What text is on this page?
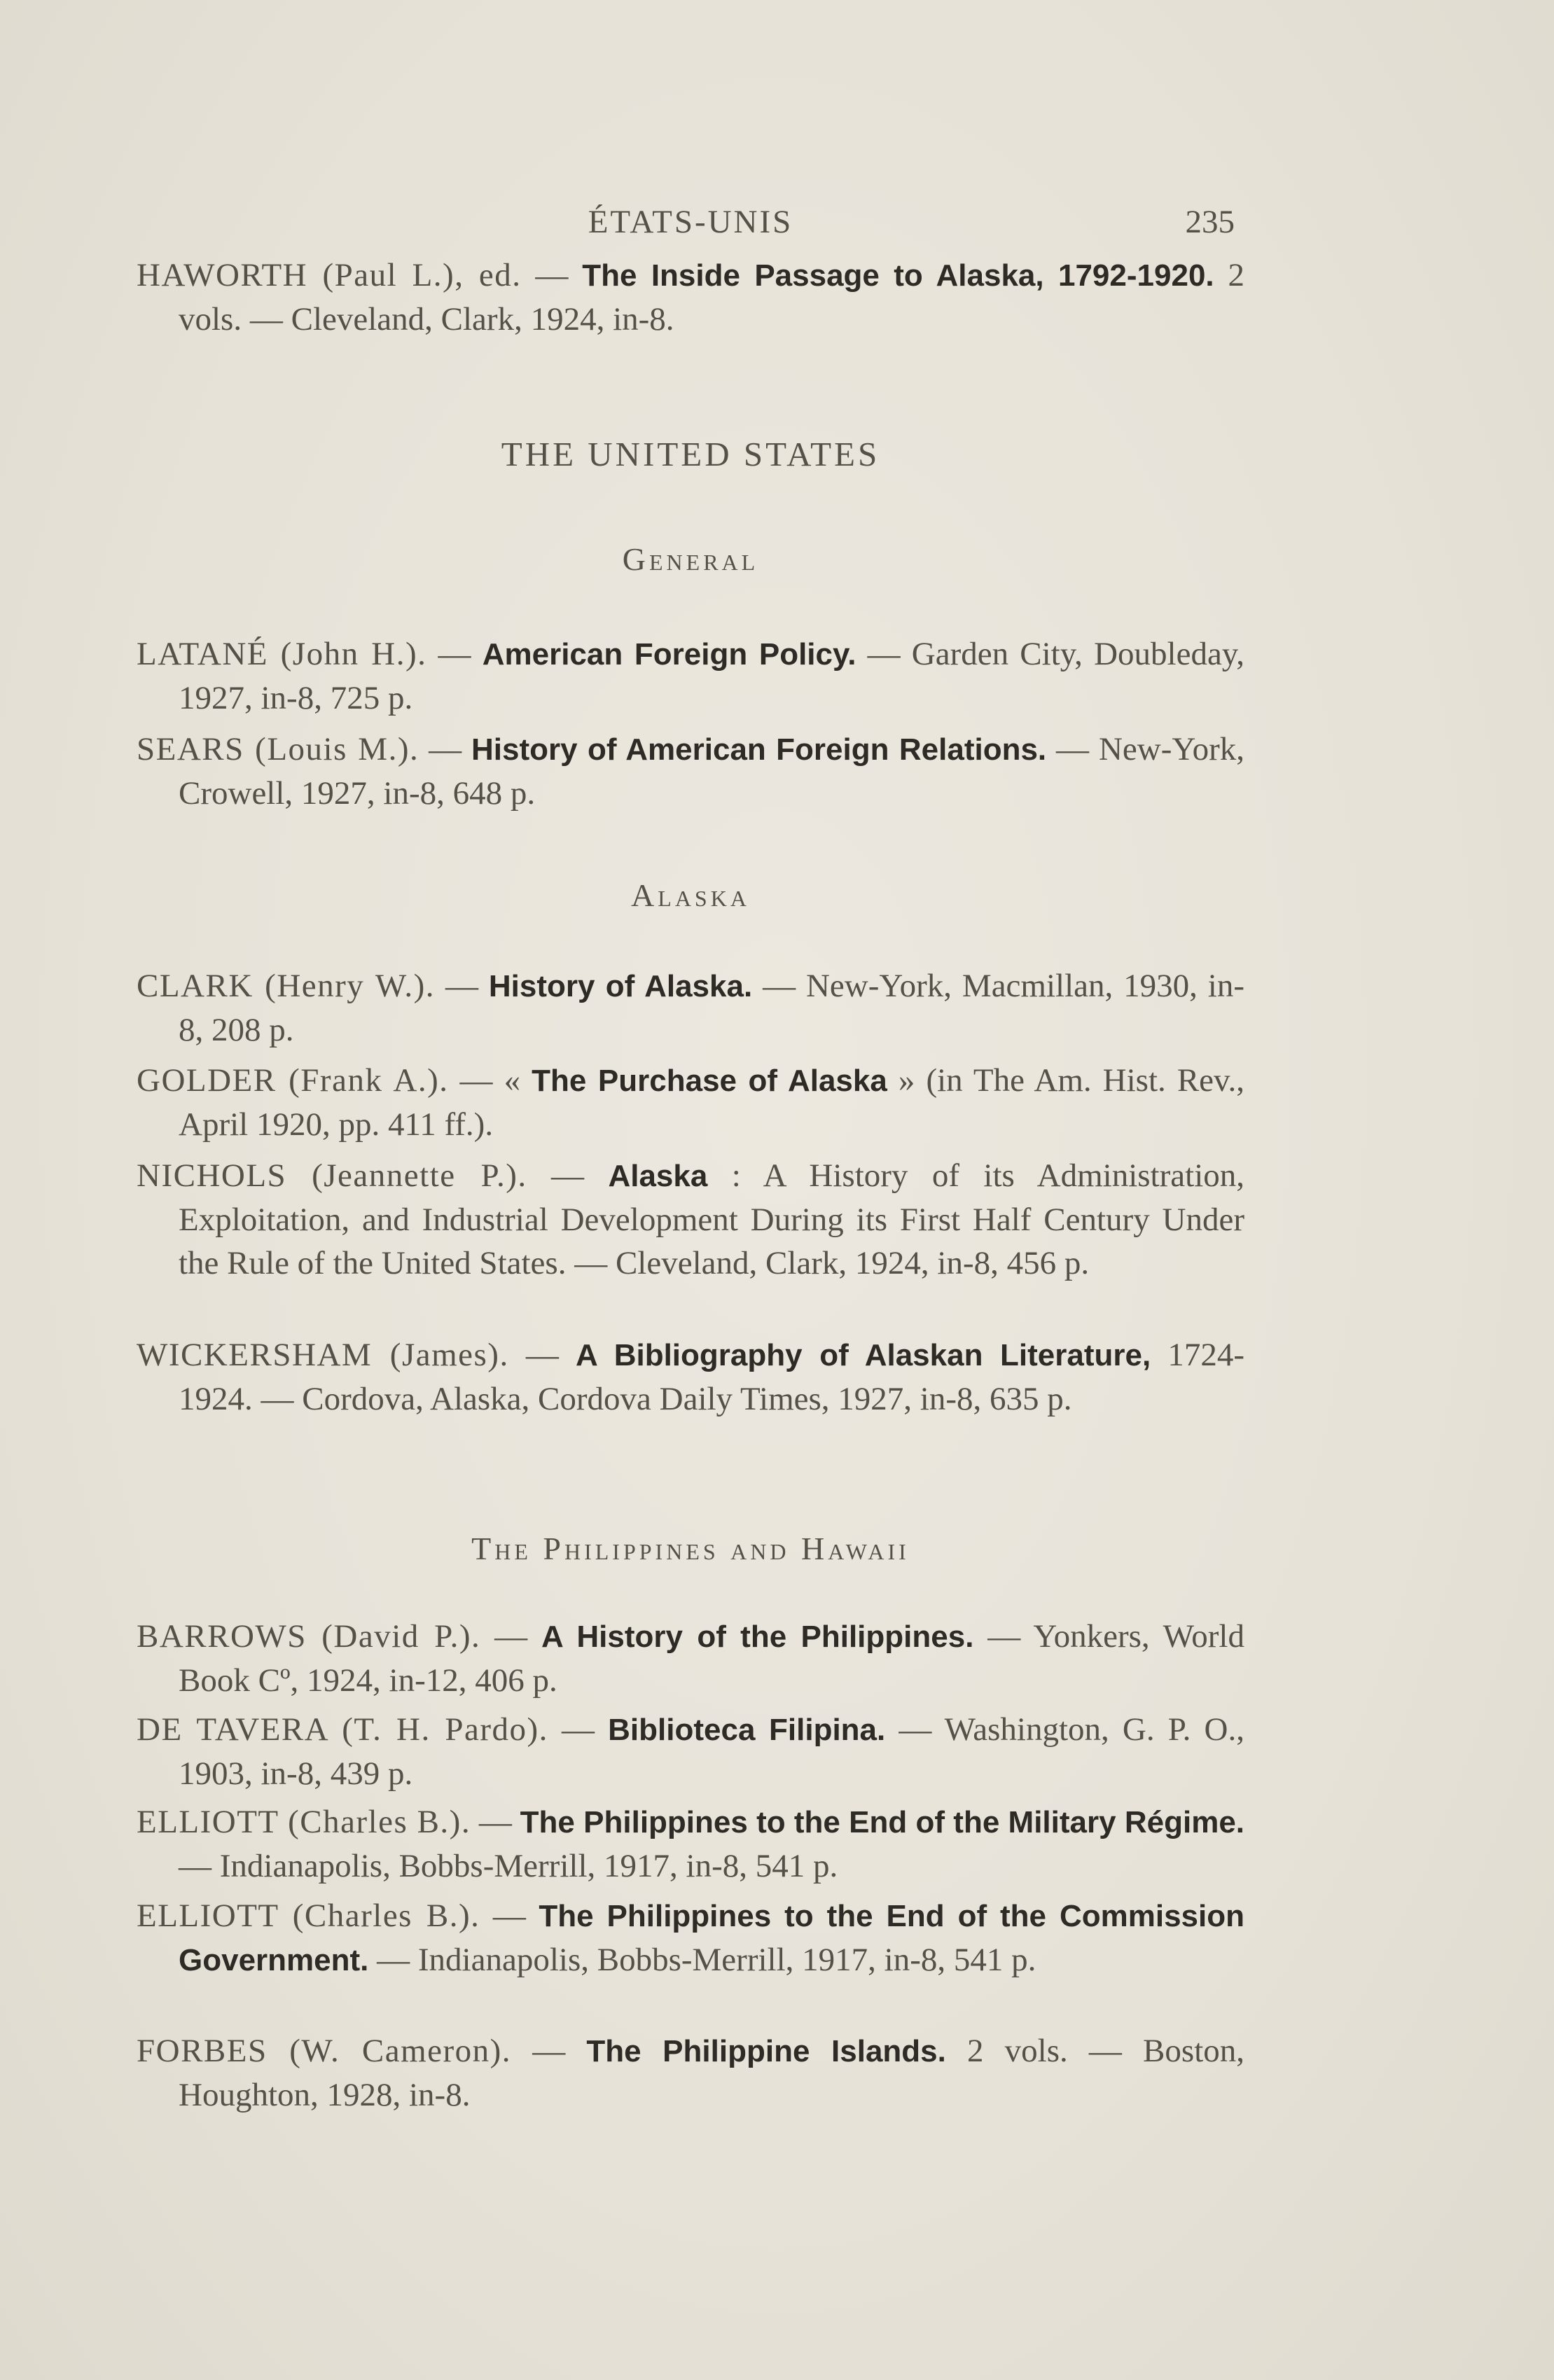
ÉTATS-UNIS	235

HAWORTH (Paul L.), ed. — The Inside Passage to Alaska, 1792-1920. 2 vols. — Cleveland, Clark, 1924, in-8.

THE UNITED STATES
General

LATANÉ (John H.). — American Foreign Policy. — Garden City, Doubleday, 1927, in-8, 725 p.

SEARS (Louis M.). — History of American Foreign Relations. — New-York, Crowell, 1927, in-8, 648 p.

Alaska

CLARK (Henry W.). — History of Alaska. — New-York, Macmillan, 1930, in-8, 208 p.

GOLDER (Frank A.). — « The Purchase of Alaska » (in The Am. Hist. Rev., April 1920, pp. 411 ff.).

NICHOLS (Jeannette P.). — Alaska : A History of its Administration, Exploitation, and Industrial Development During its First Half Century Under the Rule of the United States. — Cleveland, Clark, 1924, in-8, 456 p.

WICKERSHAM (James). — A Bibliography of Alaskan Literature, 1724-1924. — Cordova, Alaska, Cordova Daily Times, 1927, in-8, 635 p.

The Philippines and Hawaii

BARROWS (David P.). — A History of the Philippines. — Yonkers, World Book Cº, 1924, in-12, 406 p.

DE TAVERA (T. H. Pardo). — Biblioteca Filipina. — Washington, G. P. O., 1903, in-8, 439 p.

ELLIOTT (Charles B.). — The Philippines to the End of the Military Régime. — Indianapolis, Bobbs-Merrill, 1917, in-8, 541 p.

ELLIOTT (Charles B.). — The Philippines to the End of the Commission Government. — Indianapolis, Bobbs-Merrill, 1917, in-8, 541 p.

FORBES (W. Cameron). — The Philippine Islands. 2 vols. — Boston, Houghton, 1928, in-8.
